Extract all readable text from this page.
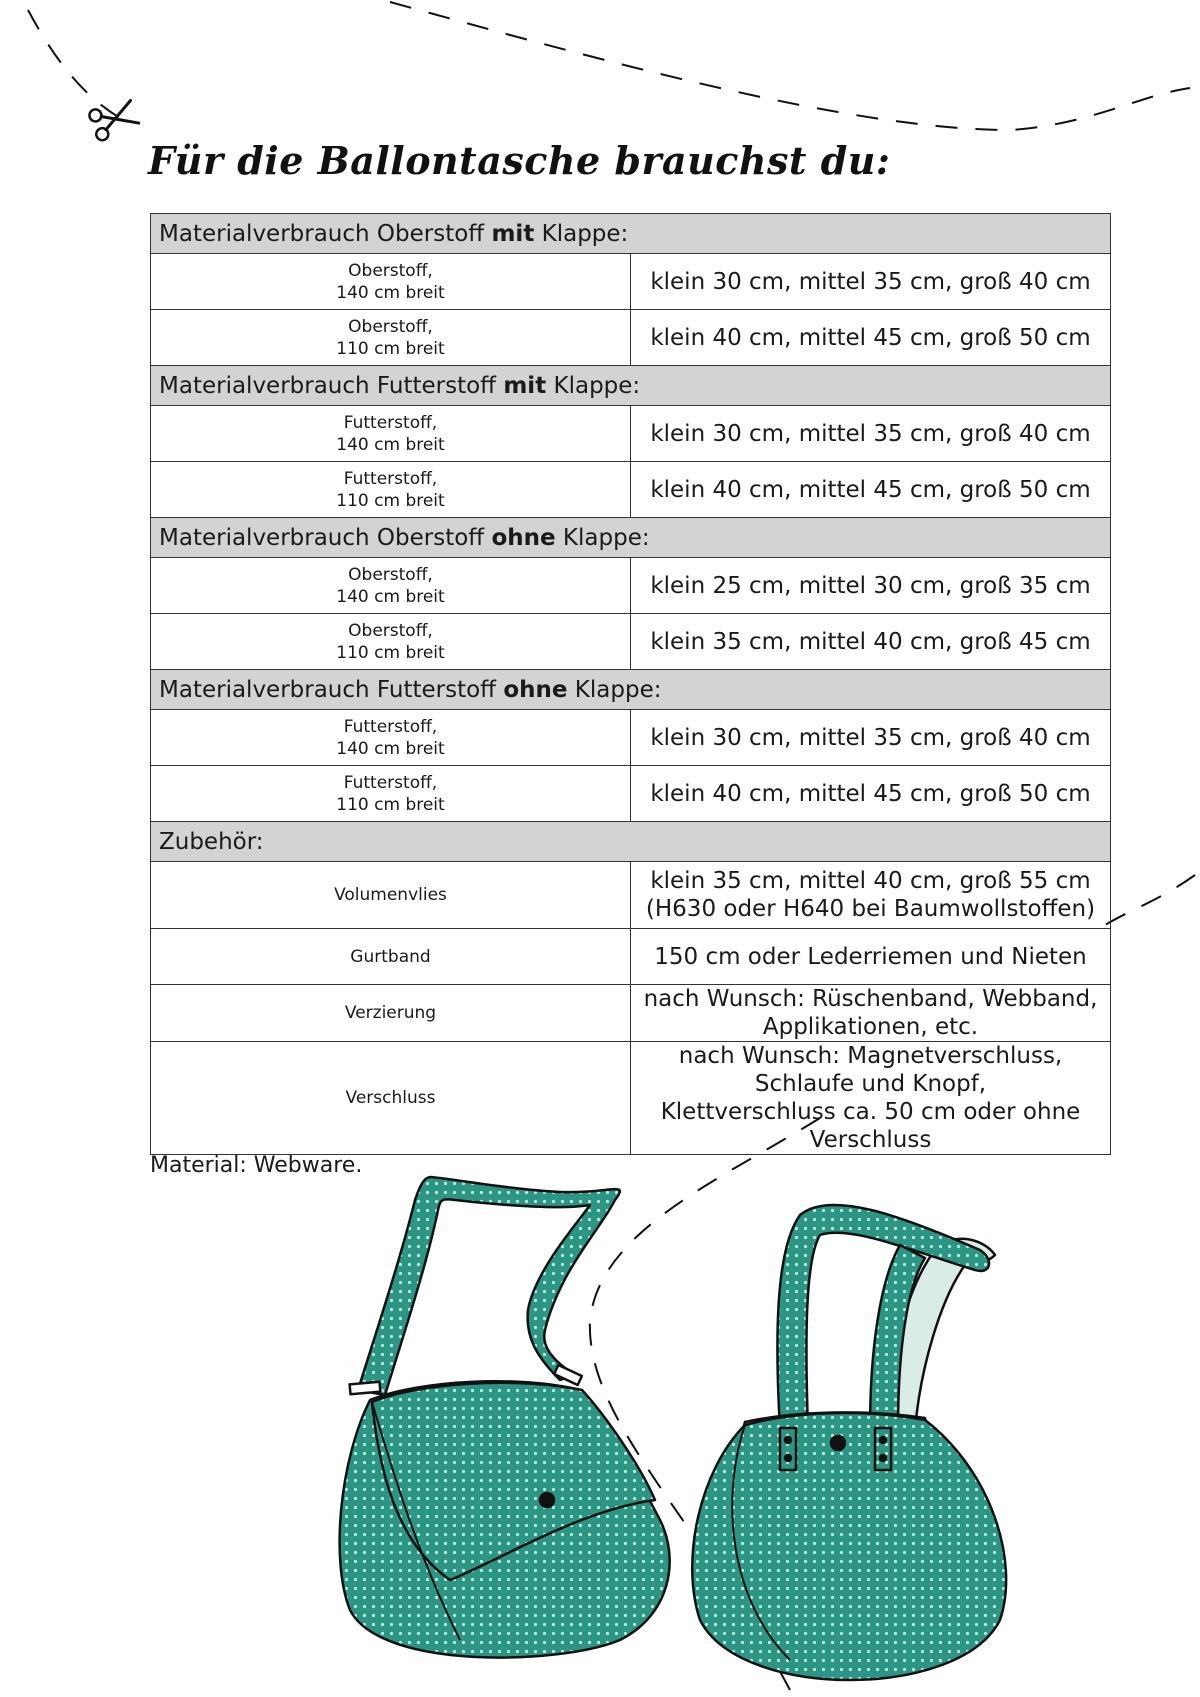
Für die Ballontasche brauchst du:
Materialverbrauch Oberstoff mit Klappe:	
Oberstoff,
140 cm breit	klein 30 cm, mittel 35 cm, groß 40 cm
Oberstoff,
110 cm breit	klein 40 cm, mittel 45 cm, groß 50 cm
Materialverbrauch Futterstoff mit Klappe:	
Futterstoff,
140 cm breit	klein 30 cm, mittel 35 cm, groß 40 cm
Futterstoff,
110 cm breit	klein 40 cm, mittel 45 cm, groß 50 cm
Materialverbrauch Oberstoff ohne Klappe:	
Oberstoff,
140 cm breit	klein 25 cm, mittel 30 cm, groß 35 cm
Oberstoff,
110 cm breit	klein 35 cm, mittel 40 cm, groß 45 cm
Materialverbrauch Futterstoff ohne Klappe:	
Futterstoff,
140 cm breit	klein 30 cm, mittel 35 cm, groß 40 cm
Futterstoff,
110 cm breit	klein 40 cm, mittel 45 cm, groß 50 cm
Zubehör:	
Volumenvlies	klein 35 cm, mittel 40 cm, groß 55 cm
(H630 oder H640 bei Baumwollstoffen)
Gurtband	150 cm oder Lederriemen und Nieten
Verzierung	nach Wunsch: Rüschenband, Webband, Applikationen, etc.
Verschluss	nach Wunsch: Magnetverschluss, Schlaufe und Knopf,
Klettverschluss ca. 50 cm oder ohne Verschluss

Material: Webware.
